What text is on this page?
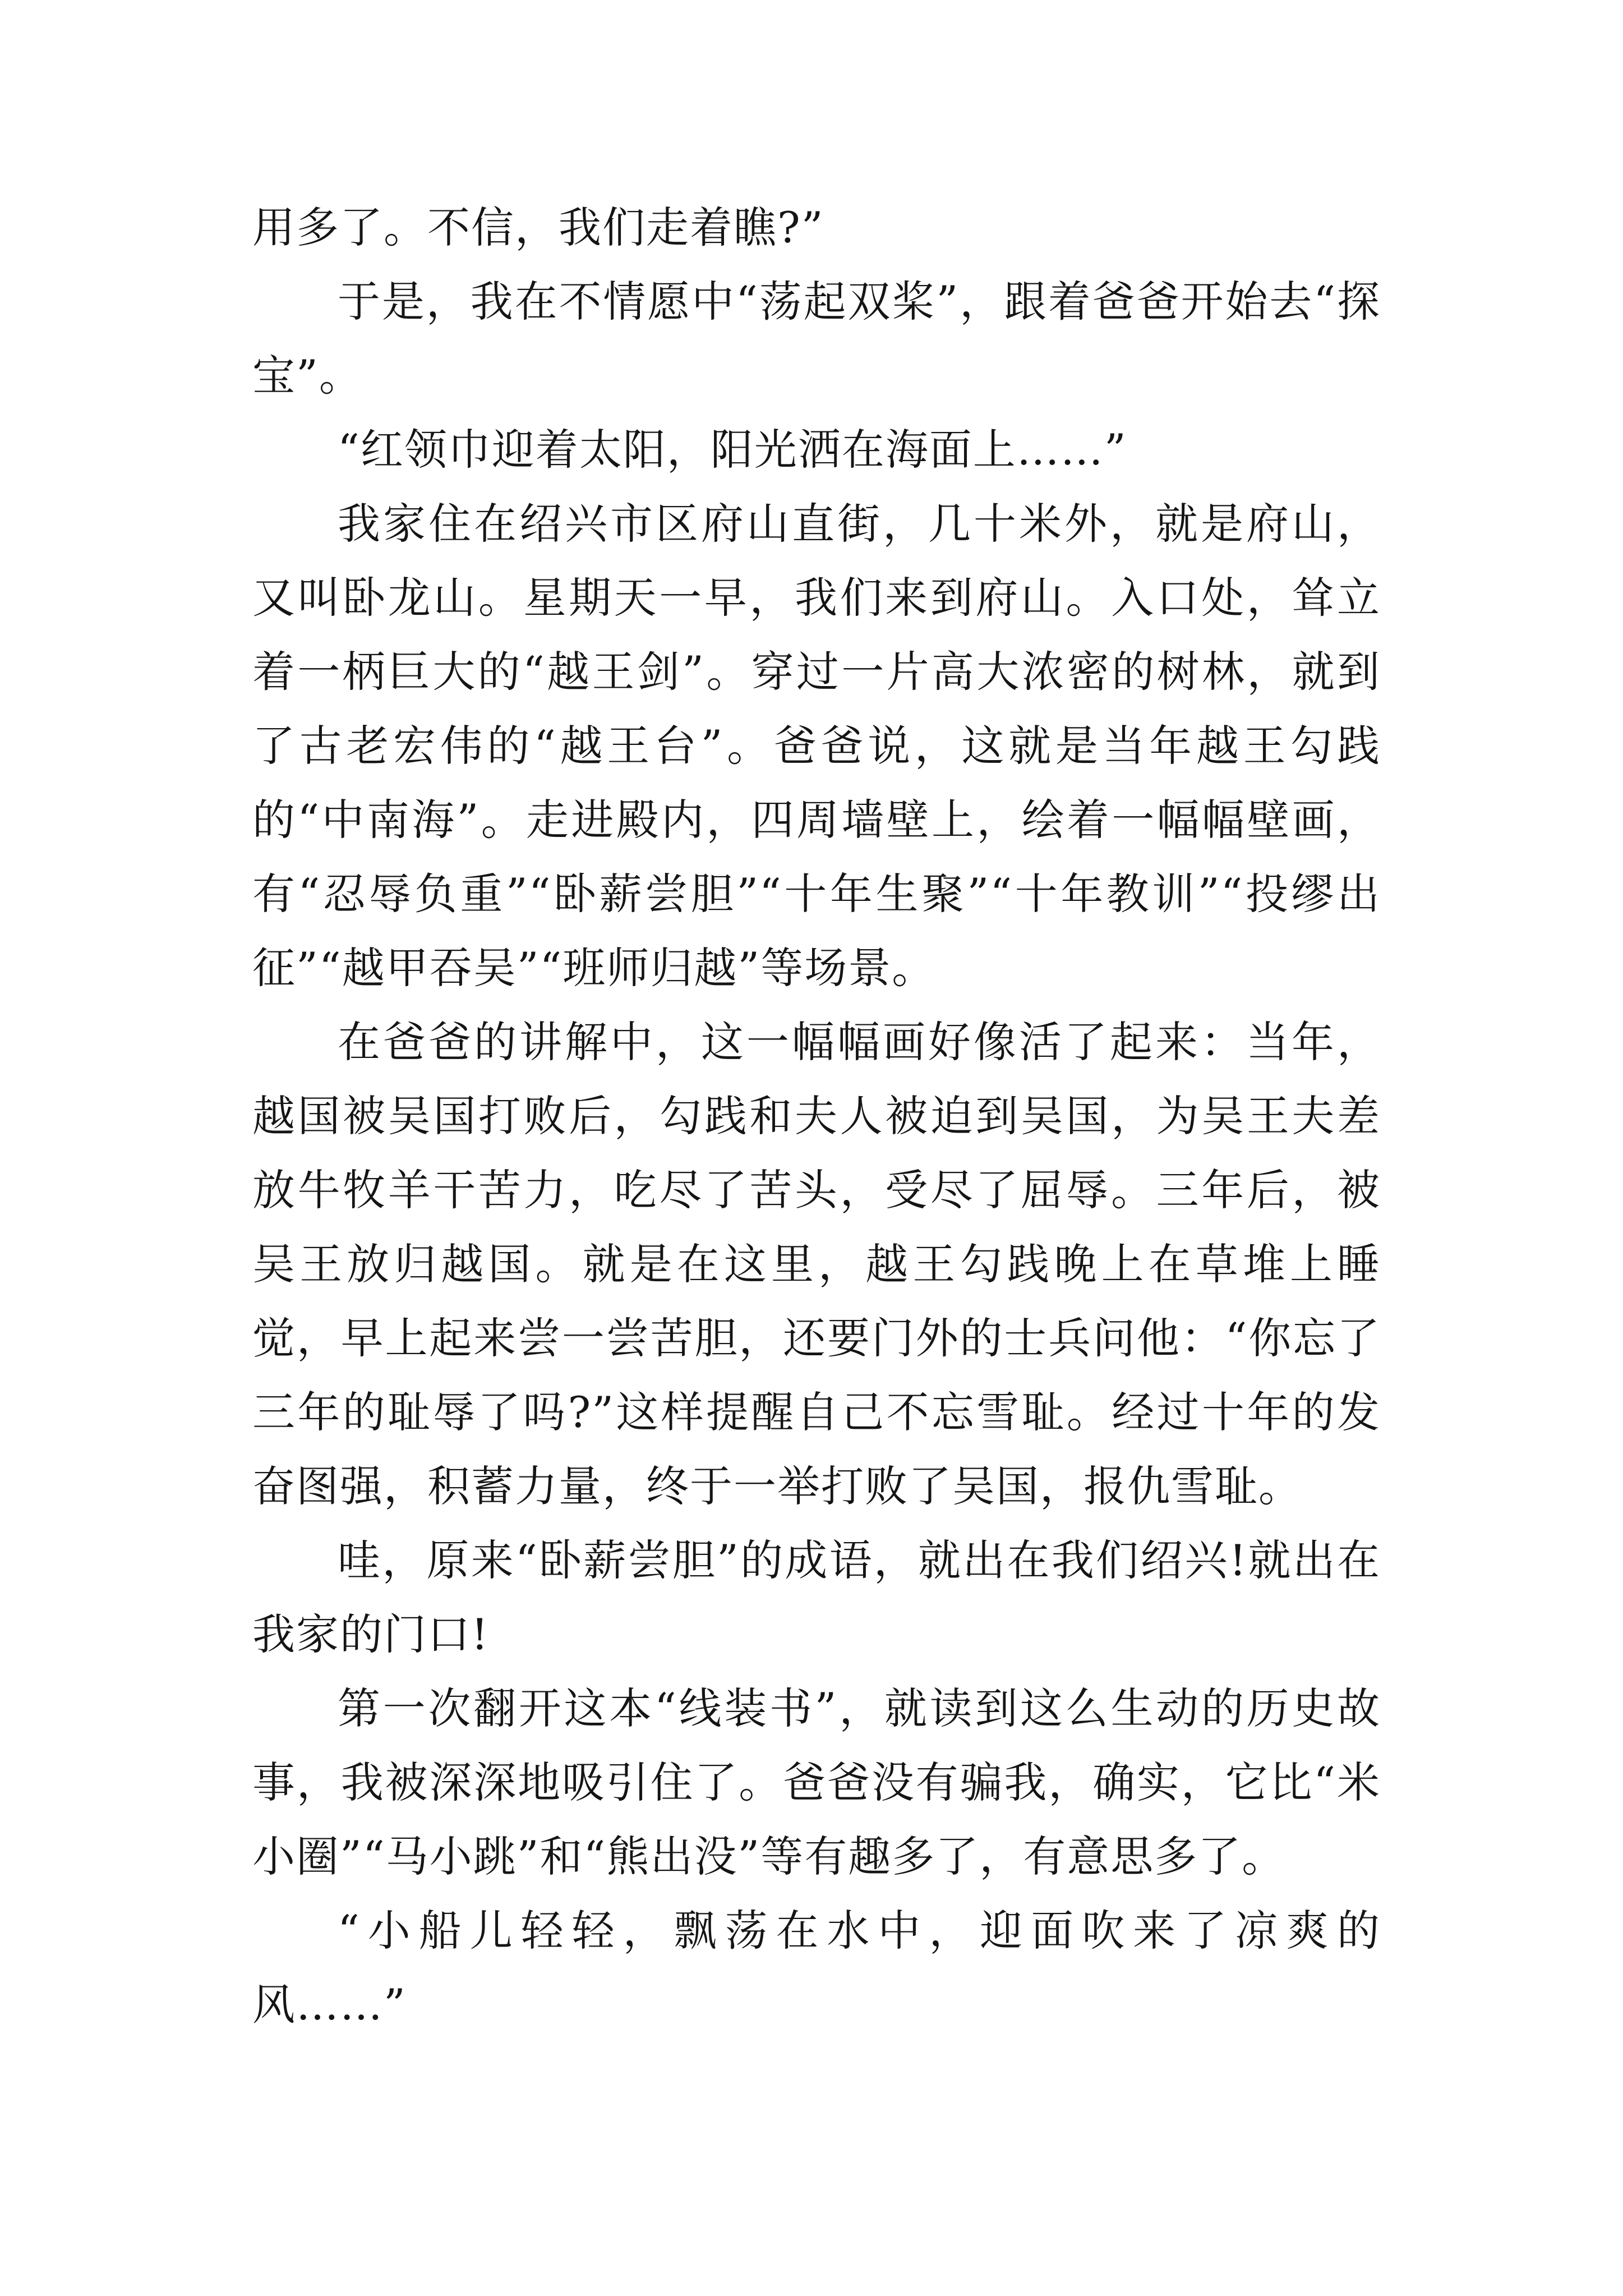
用多了。不信，我们走着瞧?”

于是，我在不情愿中“荡起双桨”，跟着爸爸开始去“探宝”。

“红领巾迎着太阳，阳光洒在海面上……”

我家住在绍兴市区府山直街，几十米外，就是府山，又叫卧龙山。星期天一早，我们来到府山。入口处，耸立着一柄巨大的“越王剑”。穿过一片高大浓密的树林，就到了古老宏伟的“越王台”。爸爸说，这就是当年越王勾践的“中南海”。走进殿内，四周墙壁上，绘着一幅幅壁画，有“忍辱负重”“卧薪尝胆”“十年生聚”“十年教训”“投缪出征”“越甲吞吴”“班师归越”等场景。

在爸爸的讲解中，这一幅幅画好像活了起来：当年，越国被吴国打败后，勾践和夫人被迫到吴国，为吴王夫差放牛牧羊干苦力，吃尽了苦头，受尽了屈辱。三年后，被吴王放归越国。就是在这里，越王勾践晚上在草堆上睡觉，早上起来尝一尝苦胆，还要门外的士兵问他：“你忘了三年的耻辱了吗?”这样提醒自己不忘雪耻。经过十年的发奋图强，积蓄力量，终于一举打败了吴国，报仇雪耻。

哇，原来“卧薪尝胆”的成语，就出在我们绍兴!就出在我家的门口!

第一次翻开这本“线装书”，就读到这么生动的历史故事，我被深深地吸引住了。爸爸没有骗我，确实，它比“米小圈”“马小跳”和“熊出没”等有趣多了，有意思多了。

“小船儿轻轻，飘荡在水中，迎面吹来了凉爽的风……”
